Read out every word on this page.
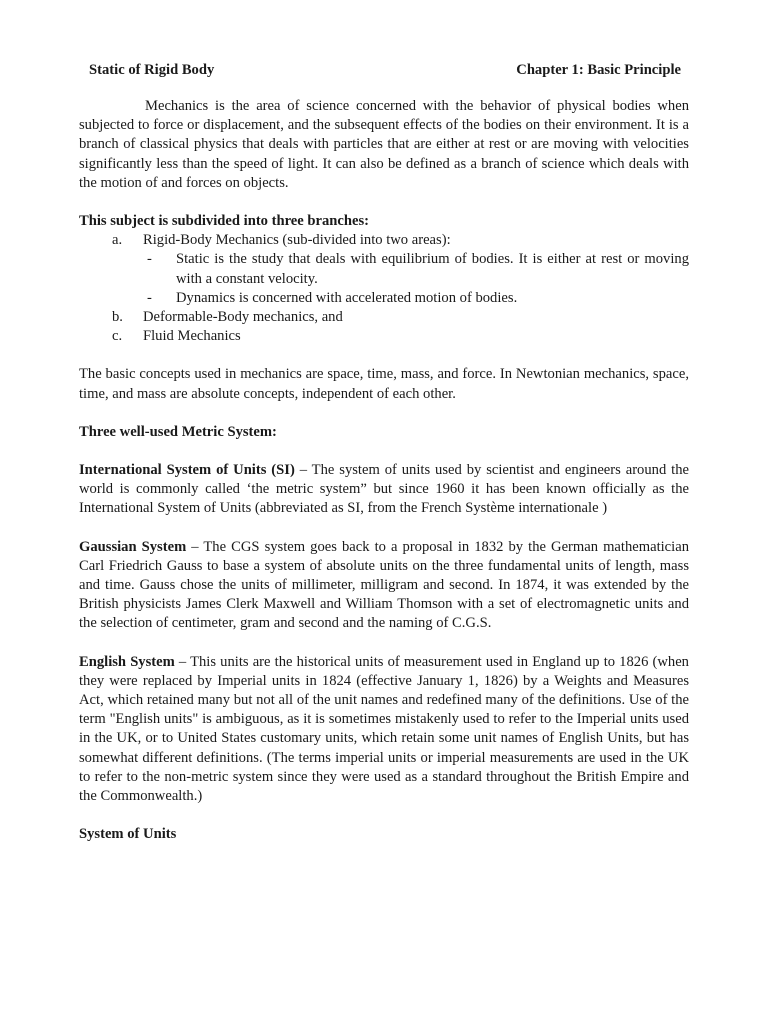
Static of Rigid Body	Chapter 1: Basic Principle

Mechanics is the area of science concerned with the behavior of physical bodies when subjected to force or displacement, and the subsequent effects of the bodies on their environment. It is a branch of classical physics that deals with particles that are either at rest or are moving with velocities significantly less than the speed of light. It can also be defined as a branch of science which deals with the motion of and forces on objects.

This subject is subdivided into three branches:

a.	Rigid-Body Mechanics (sub-divided into two areas):
-	Static is the study that deals with equilibrium of bodies. It is either at rest or moving with a constant velocity.
-	Dynamics is concerned with accelerated motion of bodies.
b.	Deformable-Body mechanics, and
c.	Fluid Mechanics

The basic concepts used in mechanics are space, time, mass, and force. In Newtonian mechanics, space, time, and mass are absolute concepts, independent of each other.

Three well-used Metric System:

International System of Units (SI) – The system of units used by scientist and engineers around the world is commonly called ‘the metric system” but since 1960 it has been known officially as the International System of Units (abbreviated as SI, from the French Système internationale )

Gaussian System – The CGS system goes back to a proposal in 1832 by the German mathematician Carl Friedrich Gauss to base a system of absolute units on the three fundamental units of length, mass and time. Gauss chose the units of millimeter, milligram and second. In 1874, it was extended by the British physicists James Clerk Maxwell and William Thomson with a set of electromagnetic units and the selection of centimeter, gram and second and the naming of C.G.S.

English System – This units are the historical units of measurement used in England up to 1826 (when they were replaced by Imperial units in 1824 (effective January 1, 1826) by a Weights and Measures Act, which retained many but not all of the unit names and redefined many of the definitions. Use of the term "English units" is ambiguous, as it is sometimes mistakenly used to refer to the Imperial units used in the UK, or to United States customary units, which retain some unit names of English Units, but has somewhat different definitions. (The terms imperial units or imperial measurements are used in the UK to refer to the non-metric system since they were used as a standard throughout the British Empire and the Commonwealth.)

System of Units
